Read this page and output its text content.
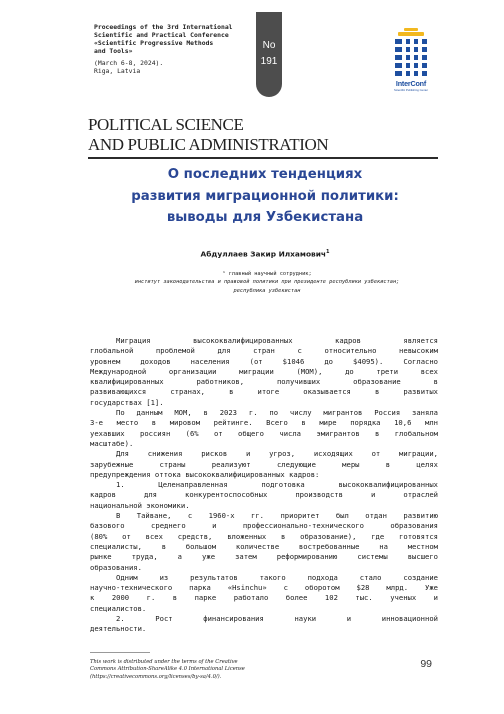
Proceedings of the 3rd International
Scientific and Practical Conference
«Scientific Progressive Methods
and Tools»
(March 6-8, 2024).
Riga, Latvia
No
191
InterConf
Scientific Publishing Center
POLITICAL SCIENCE
AND PUBLIC ADMINISTRATION
О последних тенденциях
развития миграционной политики:
выводы для Узбекистана
Абдуллаев Закир Илхамович$^1$
¹ главный научный сотрудник;
институт законодательства и правовой политики при президенте республики узбекистан;
республика узбекистан

Миграция высококвалифицированных кадров является
глобальной проблемой для стран с относительно невысоким
уровнем доходов населения (от $1046 до $4095). Согласно
Международной организации миграции (МОМ), до трети всех
квалифицированных работников, получивших образование в
развивающихся странах, в итоге оказывается в развитых
государствах [1].

По данным МОМ, в 2023 г. по числу мигрантов Россия заняла
3-е место в мировом рейтинге. Всего в мире порядка 10,6 млн
уехавших россиян (6% от общего числа эмигрантов в глобальном
масштабе).

Для снижения рисков и угроз, исходящих от миграции,
зарубежные страны реализуют следующие меры в целях
предупреждения оттока высококвалифицированных кадров:

1. Целенаправленная подготовка высококвалифицированных
кадров для конкурентоспособных производств и отраслей
национальной экономики.

В Тайване, с 1960-х гг. приоритет был отдан развитию
базового среднего и профессионально-технического образования
(80% от всех средств, вложенных в образование), где готовятся
специалисты, в большом количестве востребованные на местном
рынке труда, а уже затем реформированию системы высшего
образования.

Одним из результатов такого подхода стало создание
научно-технического парка «Hsinchu» с оборотом $28 млрд. Уже
к 2000 г. в парке работало более 102 тыс. ученых и
специалистов.

2. Рост финансирования науки и инновационной
деятельности.

This work is distributed under the terms of the Creative
Commons Attribution-ShareAlike 4.0 International License
(https://creativecommons.org/licenses/by-sa/4.0/).
99
